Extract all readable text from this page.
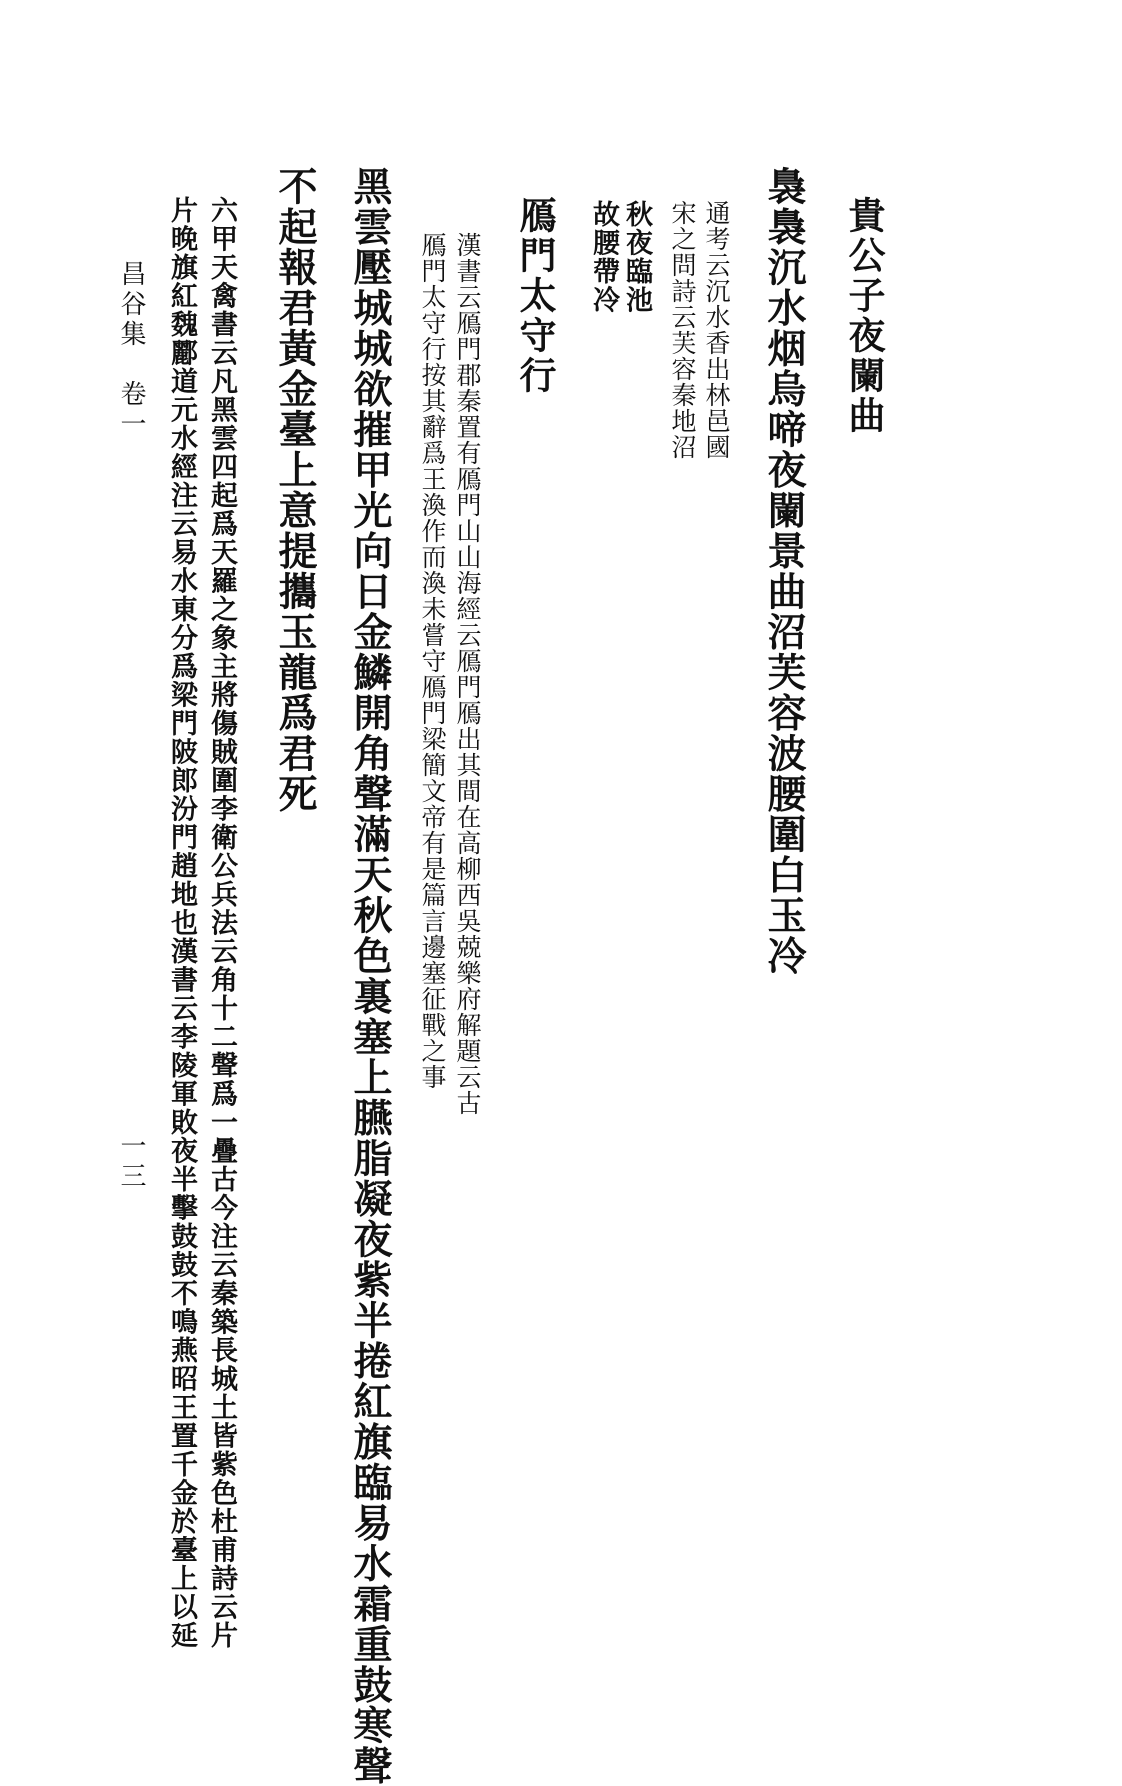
貴公子夜闌曲
裊裊沉水烟烏啼夜闌景曲沼芙容波腰圍白玉冷
通考云沉水香出林邑國
宋之問詩云芙容秦地沼
秋夜臨池
故腰帶冷
鴈門太守行
漢書云鴈門郡秦置有鴈門山山海經云鴈門鴈出其間在高柳西吳兢樂府解題云古
鴈門太守行按其辭爲王渙作而渙未嘗守鴈門梁簡文帝有是篇言邊塞征戰之事
黑雲壓城城欲摧甲光向日金鱗開角聲滿天秋色裏塞上臙脂凝夜紫半捲紅旗臨易水霜重鼓寒聲
不起報君黃金臺上意提攜玉龍爲君死
六甲天禽書云凡黑雲四起爲天羅之象主將傷賊圍李衛公兵法云角十二聲爲一疊古今注云秦築長城土皆紫色杜甫詩云片
片晚旗紅魏酈道元水經注云易水東分爲梁門陂郎汾門趙地也漢書云李陵軍敗夜半擊鼓鼓不鳴燕昭王置千金於臺上以延
昌谷集　卷一
一三
